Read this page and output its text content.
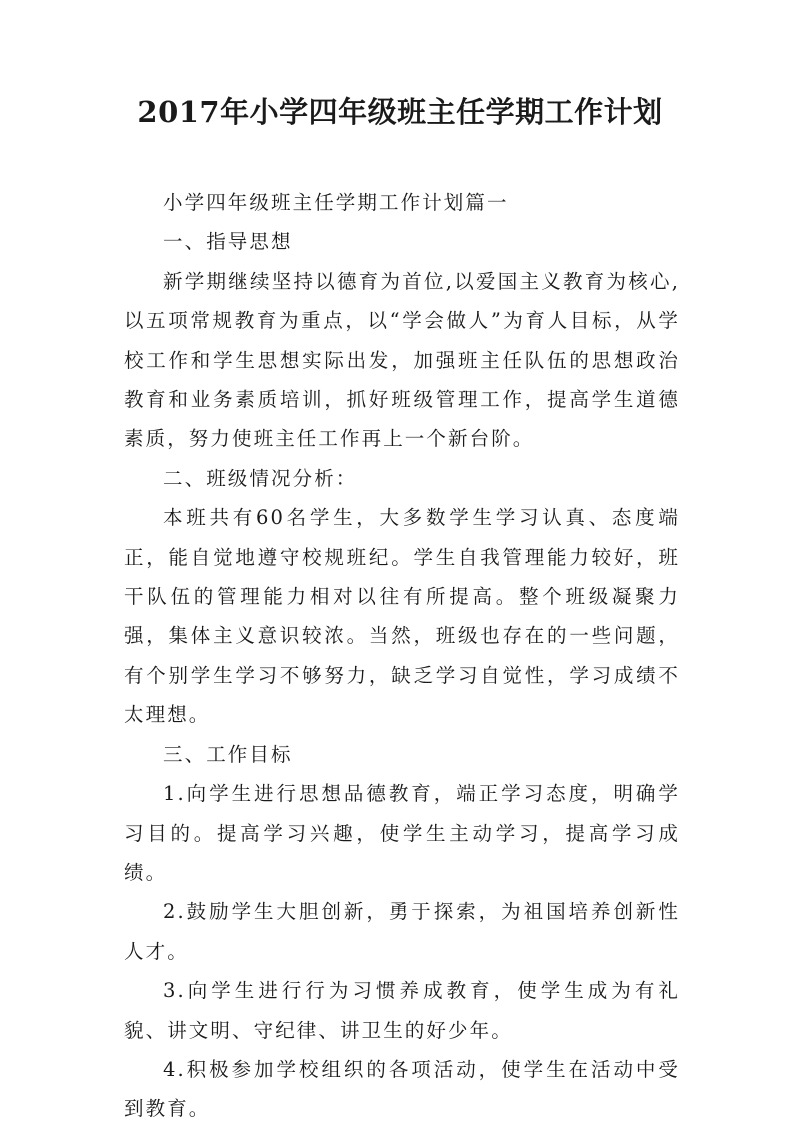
2017年小学四年级班主任学期工作计划

小学四年级班主任学期工作计划篇一

一、指导思想

新学期继续坚持以德育为首位,以爱国主义教育为核心,以五项常规教育为重点，以“学会做人”为育人目标，从学校工作和学生思想实际出发，加强班主任队伍的思想政治教育和业务素质培训，抓好班级管理工作，提高学生道德素质，努力使班主任工作再上一个新台阶。

二、班级情况分析：

本班共有60名学生，大多数学生学习认真、态度端正，能自觉地遵守校规班纪。学生自我管理能力较好，班干队伍的管理能力相对以往有所提高。整个班级凝聚力强，集体主义意识较浓。当然，班级也存在的一些问题，有个别学生学习不够努力，缺乏学习自觉性，学习成绩不太理想。

三、工作目标

1.向学生进行思想品德教育，端正学习态度，明确学习目的。提高学习兴趣，使学生主动学习，提高学习成绩。

2.鼓励学生大胆创新，勇于探索，为祖国培养创新性人才。

3.向学生进行行为习惯养成教育，使学生成为有礼貌、讲文明、守纪律、讲卫生的好少年。

4.积极参加学校组织的各项活动，使学生在活动中受到教育。
